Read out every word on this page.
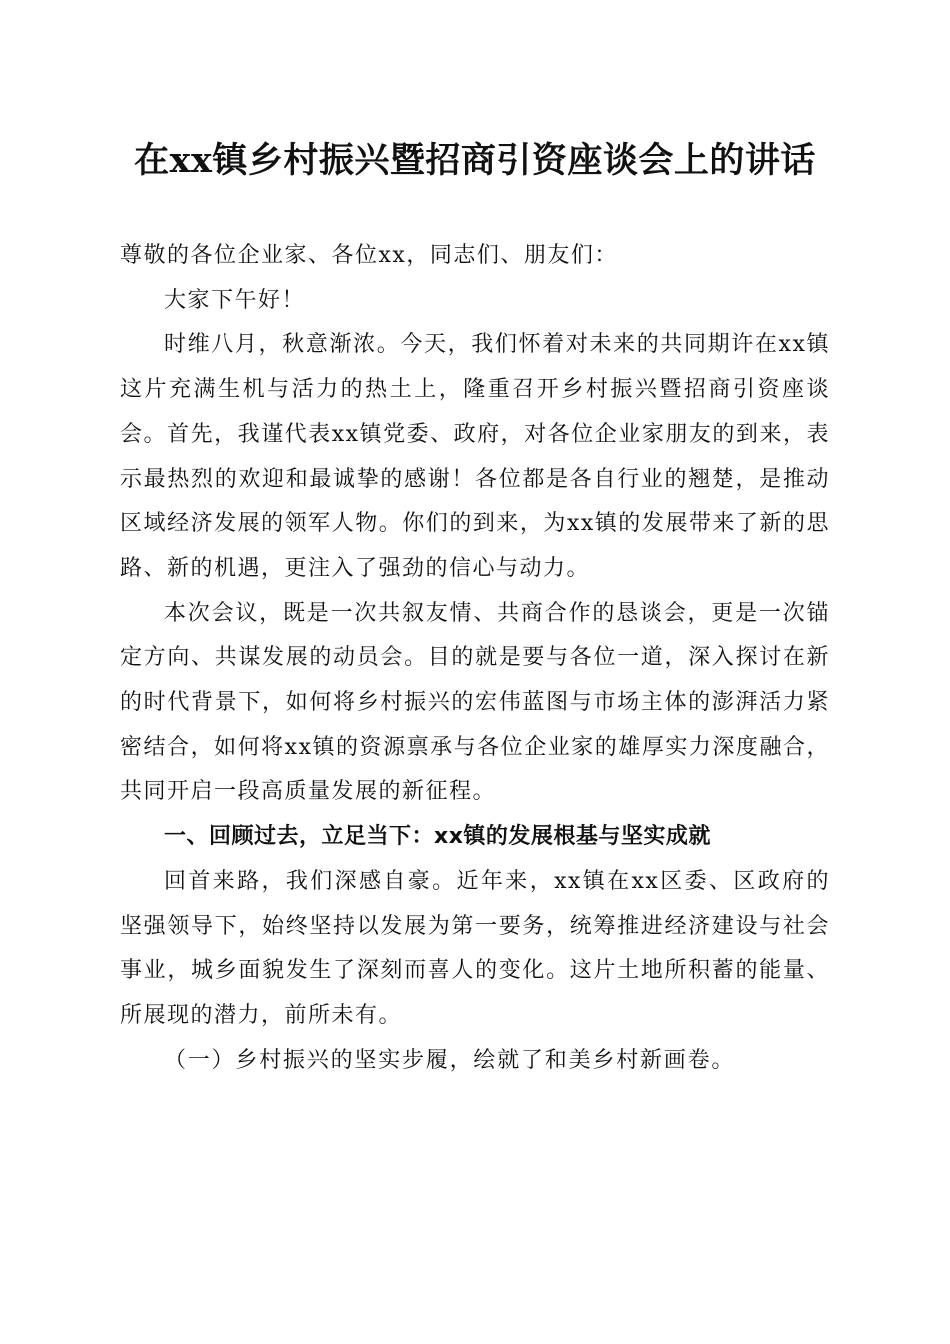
在xx镇乡村振兴暨招商引资座谈会上的讲话

尊敬的各位企业家、各位xx，同志们、朋友们：

大家下午好！

时维八月，秋意渐浓。今天，我们怀着对未来的共同期许在xx镇这片充满生机与活力的热土上，隆重召开乡村振兴暨招商引资座谈会。首先，我谨代表xx镇党委、政府，对各位企业家朋友的到来，表示最热烈的欢迎和最诚挚的感谢！各位都是各自行业的翘楚，是推动区域经济发展的领军人物。你们的到来，为xx镇的发展带来了新的思路、新的机遇，更注入了强劲的信心与动力。

本次会议，既是一次共叙友情、共商合作的恳谈会，更是一次锚定方向、共谋发展的动员会。目的就是要与各位一道，深入探讨在新的时代背景下，如何将乡村振兴的宏伟蓝图与市场主体的澎湃活力紧密结合，如何将xx镇的资源禀承与各位企业家的雄厚实力深度融合，共同开启一段高质量发展的新征程。

一、回顾过去，立足当下：xx镇的发展根基与坚实成就

回首来路，我们深感自豪。近年来，xx镇在xx区委、区政府的坚强领导下，始终坚持以发展为第一要务，统筹推进经济建设与社会事业，城乡面貌发生了深刻而喜人的变化。这片土地所积蓄的能量、所展现的潜力，前所未有。

（一）乡村振兴的坚实步履，绘就了和美乡村新画卷。
